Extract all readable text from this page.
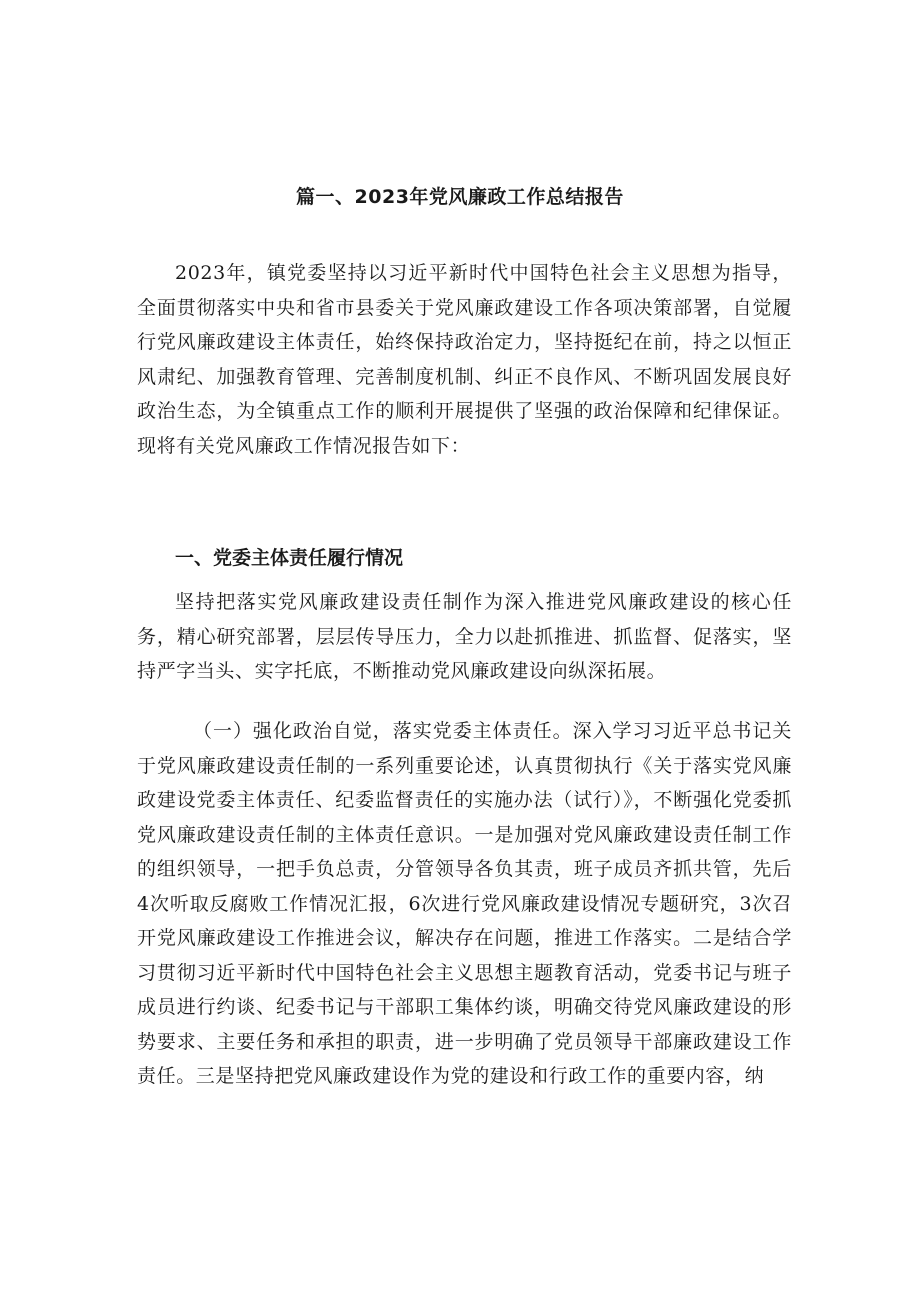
篇一、2023年党风廉政工作总结报告

2023年，镇党委坚持以习近平新时代中国特色社会主义思想为指导，全面贯彻落实中央和省市县委关于党风廉政建设工作各项决策部署，自觉履行党风廉政建设主体责任，始终保持政治定力，坚持挺纪在前，持之以恒正风肃纪、加强教育管理、完善制度机制、纠正不良作风、不断巩固发展良好政治生态，为全镇重点工作的顺利开展提供了坚强的政治保障和纪律保证。现将有关党风廉政工作情况报告如下：

一、党委主体责任履行情况

坚持把落实党风廉政建设责任制作为深入推进党风廉政建设的核心任务，精心研究部署，层层传导压力，全力以赴抓推进、抓监督、促落实，坚持严字当头、实字托底，不断推动党风廉政建设向纵深拓展。

（一）强化政治自觉，落实党委主体责任。深入学习习近平总书记关于党风廉政建设责任制的一系列重要论述，认真贯彻执行《关于落实党风廉政建设党委主体责任、纪委监督责任的实施办法（试行）》，不断强化党委抓党风廉政建设责任制的主体责任意识。一是加强对党风廉政建设责任制工作的组织领导，一把手负总责，分管领导各负其责，班子成员齐抓共管，先后4次听取反腐败工作情况汇报，6次进行党风廉政建设情况专题研究，3次召开党风廉政建设工作推进会议，解决存在问题，推进工作落实。二是结合学习贯彻习近平新时代中国特色社会主义思想主题教育活动，党委书记与班子成员进行约谈、纪委书记与干部职工集体约谈，明确交待党风廉政建设的形势要求、主要任务和承担的职责，进一步明确了党员领导干部廉政建设工作责任。三是坚持把党风廉政建设作为党的建设和行政工作的重要内容，纳
